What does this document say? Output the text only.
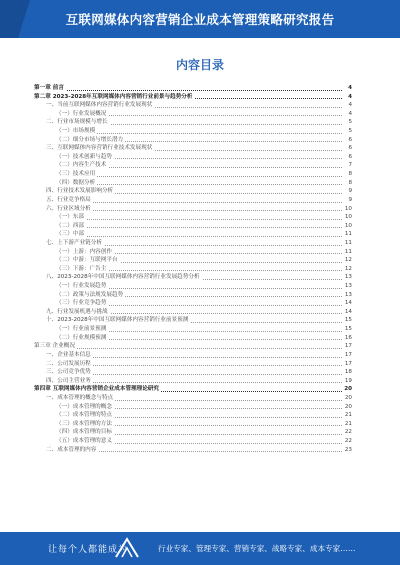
互联网媒体内容营销企业成本管理策略研究报告
内容目录
第一章 前言	4
第二章 2023-2028年互联网媒体内容营销行业前景与趋势分析	4
一、当前互联网媒体内容营销行业发展现状	4
（一）行业发展概况	4
二、行业市场规模与增长	5
（一）市场规模	5
（二）细分市场与增长潜力	6
三、互联网媒体内容营销行业技术发展现状	6
（一）技术创新与趋势	6
（二）内容生产技术	7
（三）技术应用	8
（四）数据分析	8
四、行业技术发展影响分析	9
五、行业竞争格局	9
六、行业区域分析	10
（一）东部	10
（二）西部	10
（三）中部	11
七、上下游产业链分析	11
（一）上游：内容创作	11
（二）中游：互联网平台	12
（三）下游：广告主	12
八、2023-2028年中国互联网媒体内容营销行业发展趋势分析	13
（一）行业发展趋势	13
（二）政策与法规发展趋势	13
（三）行业竞争趋势	14
九、行业发展机遇与挑战	14
十、2023-2028年中国互联网媒体内容营销行业前景预测	15
（一）行业前景预测	15
（二）行业规模预测	16
第三章 企业概况	17
一、企业基本信息	17
二、公司发展历程	17
三、公司竞争优势	18
四、公司主营业务	19
第四章 互联网媒体内容营销企业成本管理理论研究	20
一、成本管理的概念与特点	20
（一）成本管理的概念	20
（二）成本管理的特点	21
（三）成本管理的方法	21
（四）成本管理的目标	22
（五）成本管理的意义	22
二、成本管理的内容	23
让每个人都能成为	行业专家、管理专家、营销专家、战略专家、成本专家……
